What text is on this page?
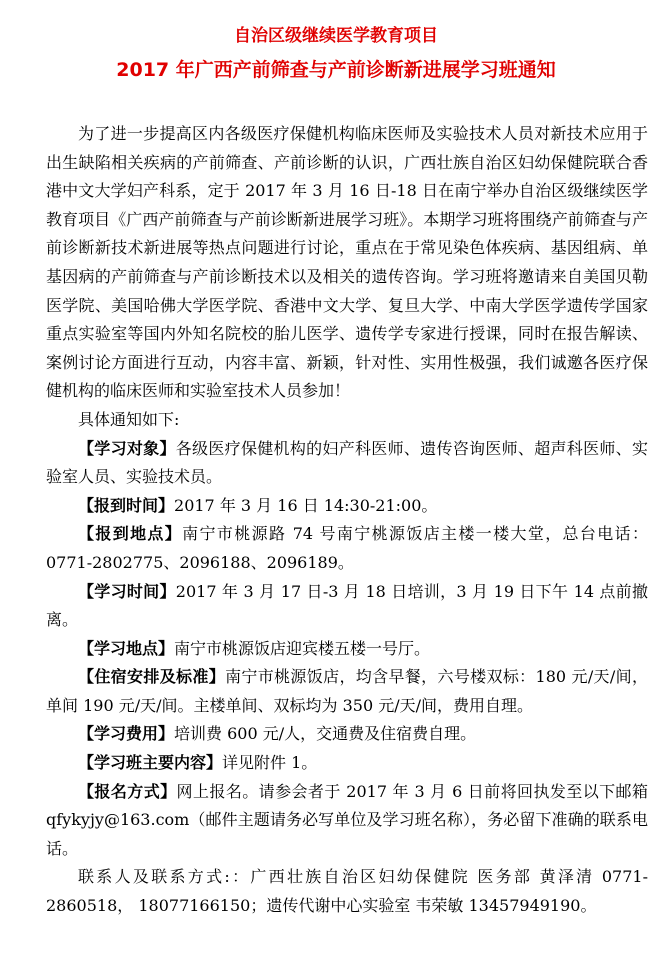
自治区级继续医学教育项目
2017 年广西产前筛查与产前诊断新进展学习班通知

为了进一步提高区内各级医疗保健机构临床医师及实验技术人员对新技术应用于出生缺陷相关疾病的产前筛查、产前诊断的认识，广西壮族自治区妇幼保健院联合香港中文大学妇产科系，定于 2017 年 3 月 16 日-18 日在南宁举办自治区级继续医学教育项目《广西产前筛查与产前诊断新进展学习班》。本期学习班将围绕产前筛查与产前诊断新技术新进展等热点问题进行讨论，重点在于常见染色体疾病、基因组病、单基因病的产前筛查与产前诊断技术以及相关的遗传咨询。学习班将邀请来自美国贝勒医学院、美国哈佛大学医学院、香港中文大学、复旦大学、中南大学医学遗传学国家重点实验室等国内外知名院校的胎儿医学、遗传学专家进行授课，同时在报告解读、案例讨论方面进行互动，内容丰富、新颖，针对性、实用性极强，我们诚邀各医疗保健机构的临床医师和实验室技术人员参加！

具体通知如下:

【学习对象】各级医疗保健机构的妇产科医师、遗传咨询医师、超声科医师、实验室人员、实验技术员。

【报到时间】2017 年 3 月 16 日 14:30-21:00。

【报到地点】南宁市桃源路 74 号南宁桃源饭店主楼一楼大堂，总台电话：0771-2802775、2096188、2096189。

【学习时间】2017 年 3 月 17 日-3 月 18 日培训，3 月 19 日下午 14 点前撤离。

【学习地点】南宁市桃源饭店迎宾楼五楼一号厅。

【住宿安排及标准】南宁市桃源饭店，均含早餐，六号楼双标：180 元/天/间，单间 190 元/天/间。主楼单间、双标均为 350 元/天/间，费用自理。

【学习费用】培训费 600 元/人，交通费及住宿费自理。

【学习班主要内容】详见附件 1。

【报名方式】网上报名。请参会者于 2017 年 3 月 6 日前将回执发至以下邮箱 qfykyjy@163.com（邮件主题请务必写单位及学习班名称），务必留下准确的联系电话。

联系人及联系方式:：广西壮族自治区妇幼保健院 医务部 黄泽清 0771-2860518， 18077166150；遗传代谢中心实验室 韦荣敏 13457949190。
